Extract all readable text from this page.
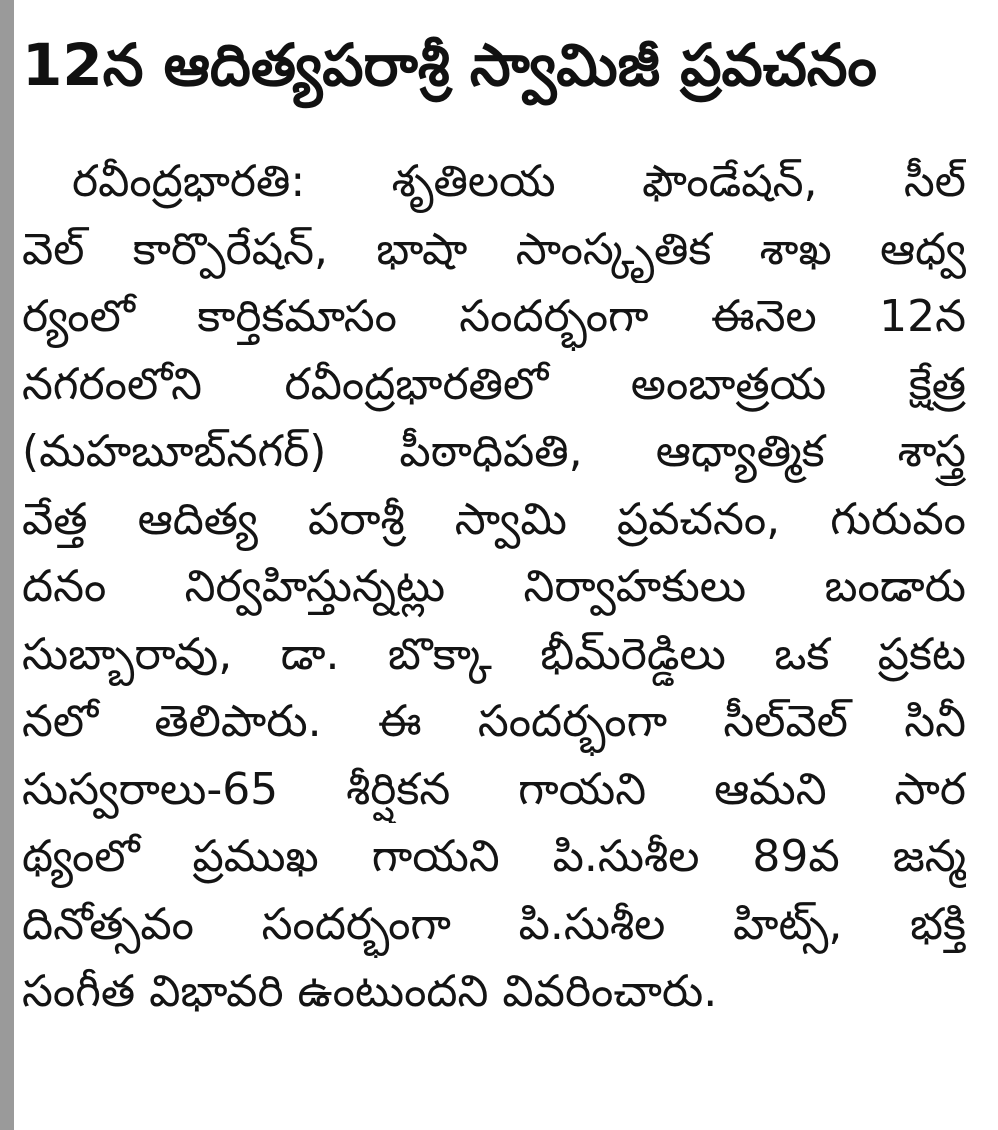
12న ఆదిత్యపరాశ్రీ స్వామిజీ ప్రవచనం
రవీంద్రభారతి: శృతిలయ ఫౌండేషన్, సీల్
వెల్ కార్పొరేషన్, భాషా సాంస్కృతిక శాఖ ఆధ్వ
ర్యంలో కార్తికమాసం సందర్భంగా ఈనెల 12న
నగరంలోని రవీంద్రభారతిలో అంబాత్రయ క్షేత్ర
(మహబూబ్‌నగర్) పీఠాధిపతి, ఆధ్యాత్మిక శాస్త్ర
వేత్త ఆదిత్య పరాశ్రీ స్వామి ప్రవచనం, గురువం
దనం నిర్వహిస్తున్నట్లు నిర్వాహకులు బండారు
సుబ్బారావు, డా. బొక్కా భీమ్‌రెడ్డిలు ఒక ప్రకట
నలో తెలిపారు. ఈ సందర్భంగా సీల్‌వెల్ సినీ
సుస్వరాలు-65 శీర్షికన గాయని ఆమని సార
థ్యంలో ప్రముఖ గాయని పి.సుశీల 89వ జన్మ
దినోత్సవం సందర్భంగా పి.సుశీల హిట్స్, భక్తి
సంగీత విభావరి ఉంటుందని వివరించారు.
